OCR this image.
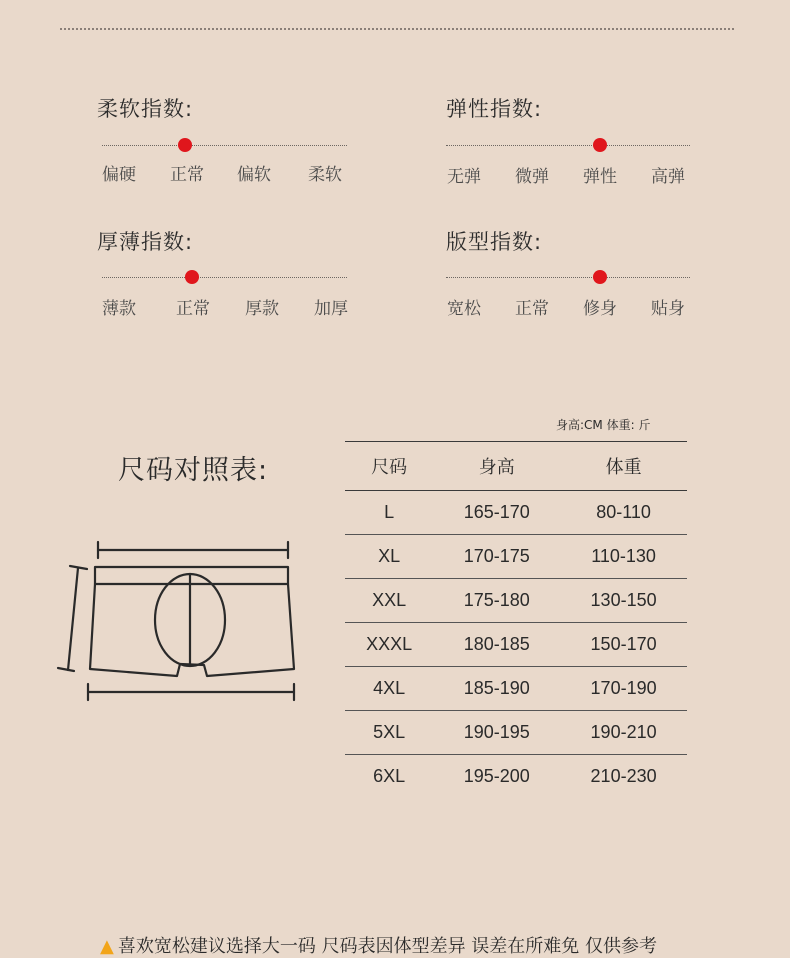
柔软指数:
偏硬	正常	偏软	柔软
弹性指数:
无弹	微弹	弹性	高弹
厚薄指数:
薄款	正常	厚款	加厚
版型指数:
宽松	正常	修身	贴身
尺码对照表:
身高:CM 体重: 斤
尺码	身高	体重
L	165-170	80-110
XL	170-175	110-130
XXL	175-180	130-150
XXXL	180-185	150-170
4XL	185-190	170-190
5XL	190-195	190-210
6XL	195-200	210-230
▲ 喜欢宽松建议选择大一码 尺码表因体型差异 误差在所难免 仅供参考
